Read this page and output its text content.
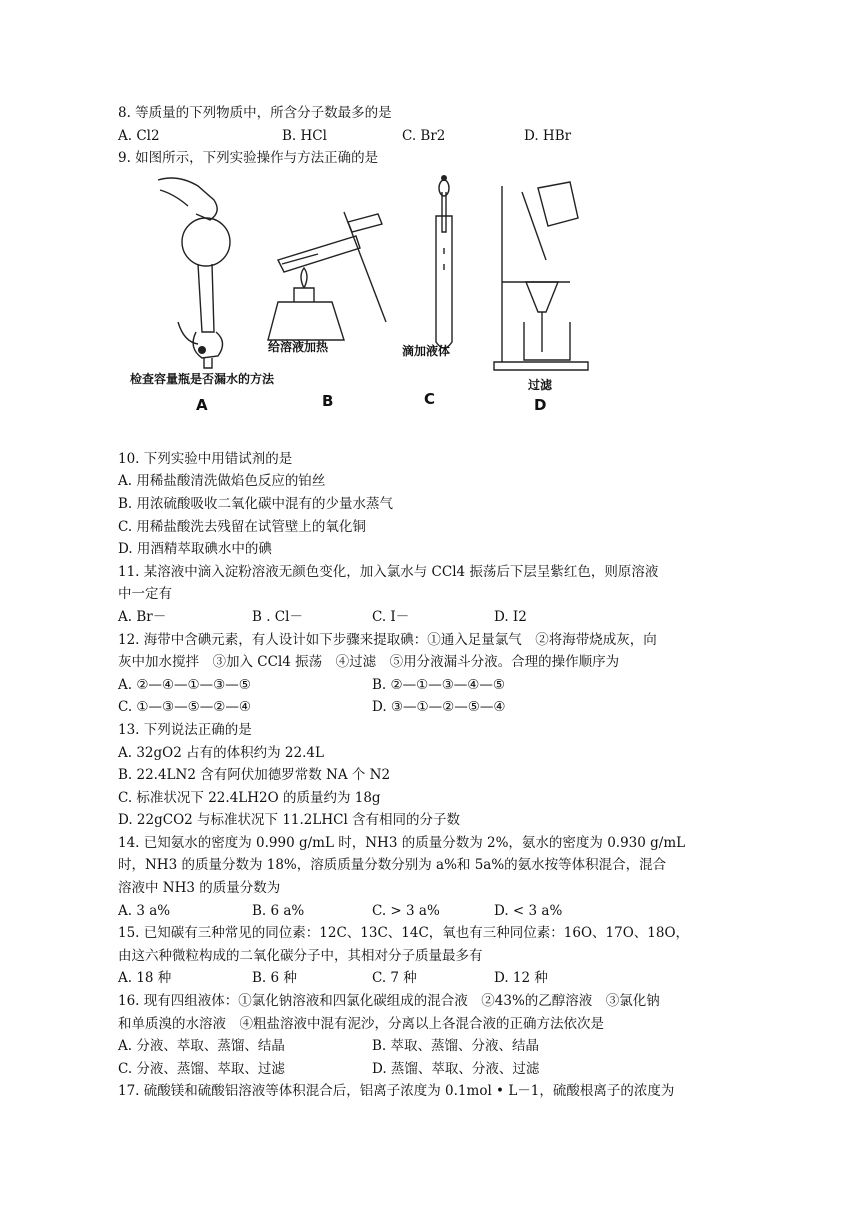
8. 等质量的下列物质中，所含分子数最多的是
A. Cl2	B. HCl	C. Br2	D. HBr
9. 如图所示，下列实验操作与方法正确的是
检查容量瓶是否漏水的方法
给溶液加热	滴加液体
过滤
A	B	C	D
10. 下列实验中用错试剂的是
A. 用稀盐酸清洗做焰色反应的铂丝
B. 用浓硫酸吸收二氧化碳中混有的少量水蒸气
C. 用稀盐酸洗去残留在试管壁上的氧化铜
D. 用酒精萃取碘水中的碘
11. 某溶液中滴入淀粉溶液无颜色变化，加入氯水与 CCl4 振荡后下层呈紫红色，则原溶液
中一定有
A. Br－	B . Cl－	C. I－	D. I2
12. 海带中含碘元素，有人设计如下步骤来提取碘：①通入足量氯气　②将海带烧成灰，向
灰中加水搅拌　③加入 CCl4 振荡　④过滤　⑤用分液漏斗分液。合理的操作顺序为
A. ②—④—①—③—⑤	B. ②—①—③—④—⑤
C. ①—③—⑤—②—④	D. ③—①—②—⑤—④
13. 下列说法正确的是
A. 32gO2 占有的体积约为 22.4L
B. 22.4LN2 含有阿伏加德罗常数 NA 个 N2
C. 标准状况下 22.4LH2O 的质量约为 18g
D. 22gCO2 与标准状况下 11.2LHCl 含有相同的分子数
14. 已知氨水的密度为 0.990 g/mL 时，NH3 的质量分数为 2%，氨水的密度为 0.930 g/mL
时，NH3 的质量分数为 18%，溶质质量分数分别为 a%和 5a%的氨水按等体积混合，混合
溶液中 NH3 的质量分数为
A. 3 a%	B. 6 a%	C. > 3 a%	D. < 3 a%
15. 已知碳有三种常见的同位素：12C、13C、14C，氧也有三种同位素：16O、17O、18O，
由这六种微粒构成的二氧化碳分子中，其相对分子质量最多有
A. 18 种	B. 6 种	C. 7 种	D. 12 种
16. 现有四组液体：①氯化钠溶液和四氯化碳组成的混合液　②43%的乙醇溶液　③氯化钠
和单质溴的水溶液　④粗盐溶液中混有泥沙，分离以上各混合液的正确方法依次是
A. 分液、萃取、蒸馏、结晶	B. 萃取、蒸馏、分液、结晶
C. 分液、蒸馏、萃取、过滤	D. 蒸馏、萃取、分液、过滤
17. 硫酸镁和硫酸铝溶液等体积混合后，铝离子浓度为 0.1mol • L－1，硫酸根离子的浓度为
